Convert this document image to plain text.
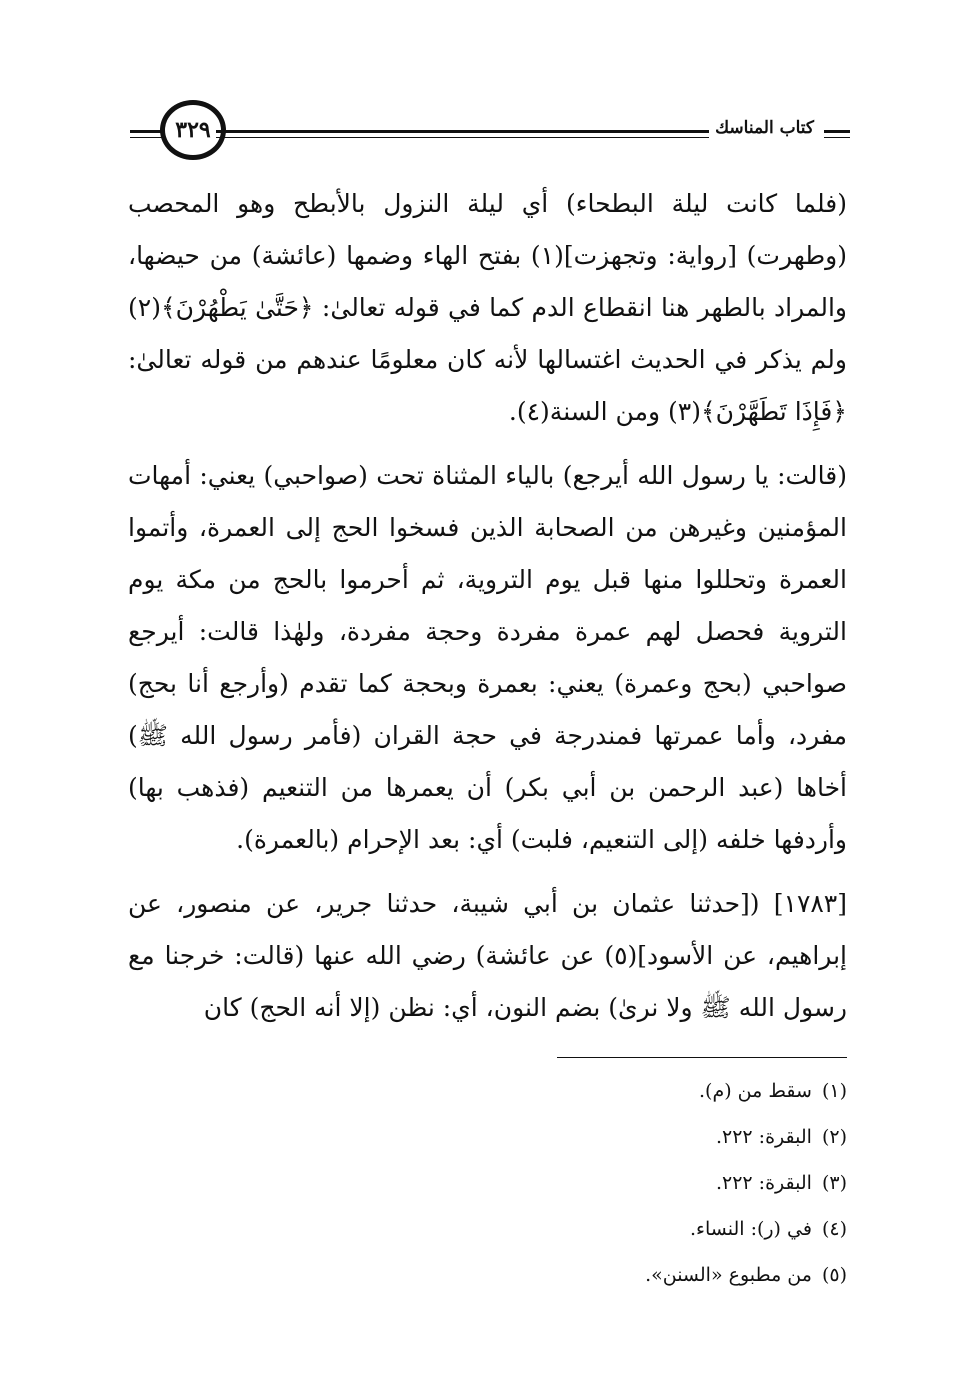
٣٢٩	كتاب المناسك

(فلما كانت ليلة البطحاء) أي ليلة النزول بالأبطح وهو المحصب (وطهرت) [رواية: وتجهزت](١) بفتح الهاء وضمها (عائشة) من حيضها، والمراد بالطهر هنا انقطاع الدم كما في قوله تعالىٰ: ﴿حَتَّىٰ يَطْهُرْنَ﴾(٢) ولم يذكر في الحديث اغتسالها لأنه كان معلومًا عندهم من قوله تعالىٰ: ﴿فَإِذَا تَطَهَّرْنَ﴾(٣) ومن السنة(٤).

(قالت: يا رسول الله أيرجع) بالياء المثناة تحت (صواحبي) يعني: أمهات المؤمنين وغيرهن من الصحابة الذين فسخوا الحج إلى العمرة، وأتموا العمرة وتحللوا منها قبل يوم التروية، ثم أحرموا بالحج من مكة يوم التروية فحصل لهم عمرة مفردة وحجة مفردة، ولهٰذا قالت: أيرجع صواحبي (بحج وعمرة) يعني: بعمرة وبحجة كما تقدم (وأرجع أنا بحج) مفرد، وأما عمرتها فمندرجة في حجة القران (فأمر رسول الله ﷺ) أخاها (عبد الرحمن بن أبي بكر) أن يعمرها من التنعيم (فذهب بها) وأردفها خلفه (إلى التنعيم، فلبت) أي: بعد الإحرام (بالعمرة).

[١٧٨٣] ([حدثنا عثمان بن أبي شيبة، حدثنا جرير، عن منصور، عن إبراهيم، عن الأسود](٥) عن عائشة) رضي الله عنها (قالت: خرجنا مع رسول الله ﷺ ولا نرىٰ) بضم النون، أي: نظن (إلا أنه الحج) كان

(١)سقط من (م).
(٢)البقرة: ٢٢٢.
(٣)البقرة: ٢٢٢.
(٤)في (ر): النساء.
(٥)من مطبوع «السنن».
